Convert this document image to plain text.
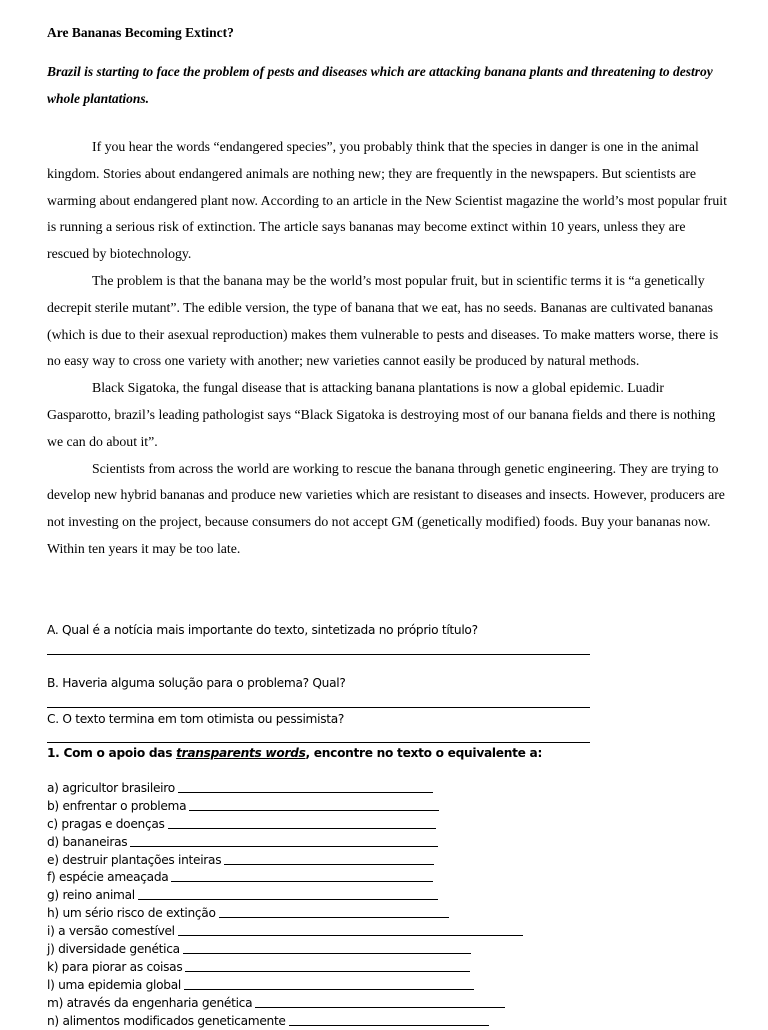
Are Bananas Becoming Extinct?

Brazil is starting to face the problem of pests and diseases which are attacking banana plants and threatening to destroy whole plantations.

If you hear the words “endangered species”, you probably think that the species in danger is one in the animal kingdom. Stories about endangered animals are nothing new; they are frequently in the newspapers. But scientists are warming about endangered plant now. According to an article in the New Scientist magazine the world’s most popular fruit is running a serious risk of extinction. The article says bananas may become extinct within 10 years, unless they are rescued by biotechnology.

The problem is that the banana may be the world’s most popular fruit, but in scientific terms it is “a genetically decrepit sterile mutant”. The edible version, the type of banana that we eat, has no seeds. Bananas are cultivated bananas (which is due to their asexual reproduction) makes them vulnerable to pests and diseases. To make matters worse, there is no easy way to cross one variety with another; new varieties cannot easily be produced by natural methods.

Black Sigatoka, the fungal disease that is attacking banana plantations is now a global epidemic. Luadir Gasparotto, brazil’s leading pathologist says “Black Sigatoka is destroying most of our banana fields and there is nothing we can do about it”.

Scientists from across the world are working to rescue the banana through genetic engineering. They are trying to develop new hybrid bananas and produce new varieties which are resistant to diseases and insects. However, producers are not investing on the project, because consumers do not accept GM (genetically modified) foods. Buy your bananas now. Within ten years it may be too late.

A. Qual é a notícia mais importante do texto, sintetizada no próprio título?
B. Haveria alguma solução para o problema? Qual?
C. O texto termina em tom otimista ou pessimista?
1. Com o apoio das transparents words, encontre no texto o equivalente a:
a) agricultor brasileiro
b) enfrentar o problema
c) pragas e doenças
d) bananeiras
e) destruir plantações inteiras
f) espécie ameaçada
g) reino animal
h) um sério risco de extinção
i) a versão comestível
j) diversidade genética
k) para piorar as coisas
l) uma epidemia global
m) através da engenharia genética
n) alimentos modificados geneticamente
